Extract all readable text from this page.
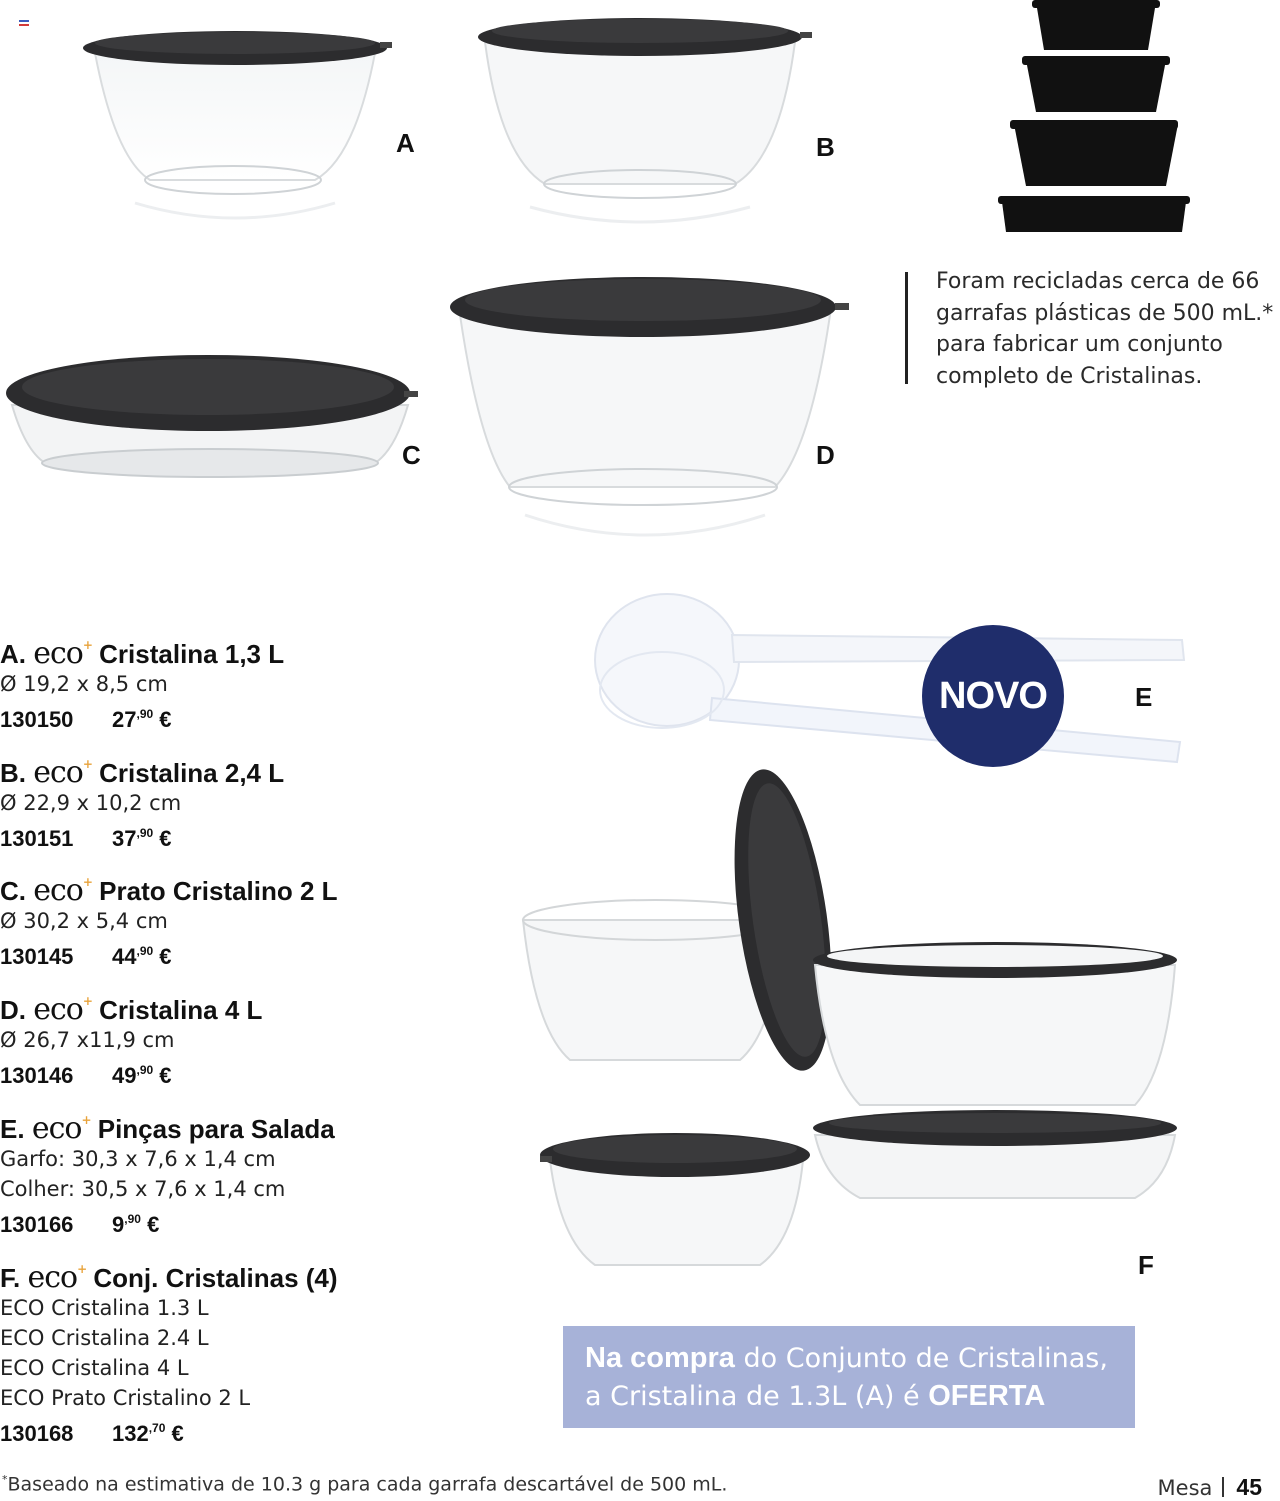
A	B
Foram recicladas cerca de 66
garrafas plásticas de 500 mL.*
para fabricar um conjunto
completo de Cristalinas.
C	D
NOVO	E
F
A. eco+ Cristalina 1,3 L
Ø 19,2 x 8,5 cm
130150 $27^{,90}$ €
B. eco+ Cristalina 2,4 L
Ø 22,9 x 10,2 cm
130151 $37^{,90}$ €
C. eco+ Prato Cristalino 2 L
Ø 30,2 x 5,4 cm
130145 $44^{,90}$ €
D. eco+ Cristalina 4 L
Ø 26,7 x11,9 cm
130146 $49^{,90}$ €
E. eco+ Pinças para Salada
Garfo: 30,3 x 7,6 x 1,4 cm
Colher: 30,5 x 7,6 x 1,4 cm
130166 $9^{,90}$ €
F. eco+ Conj. Cristalinas (4)
ECO Cristalina 1.3 L
ECO Cristalina 2.4 L
ECO Cristalina 4 L
ECO Prato Cristalino 2 L
130168 $132^{,70}$ €
Na compra do Conjunto de Cristalinas,
a Cristalina de 1.3L (A) é OFERTA
*Baseado na estimativa de 10.3 g para cada garrafa descartável de 500 mL.	Mesa 45
